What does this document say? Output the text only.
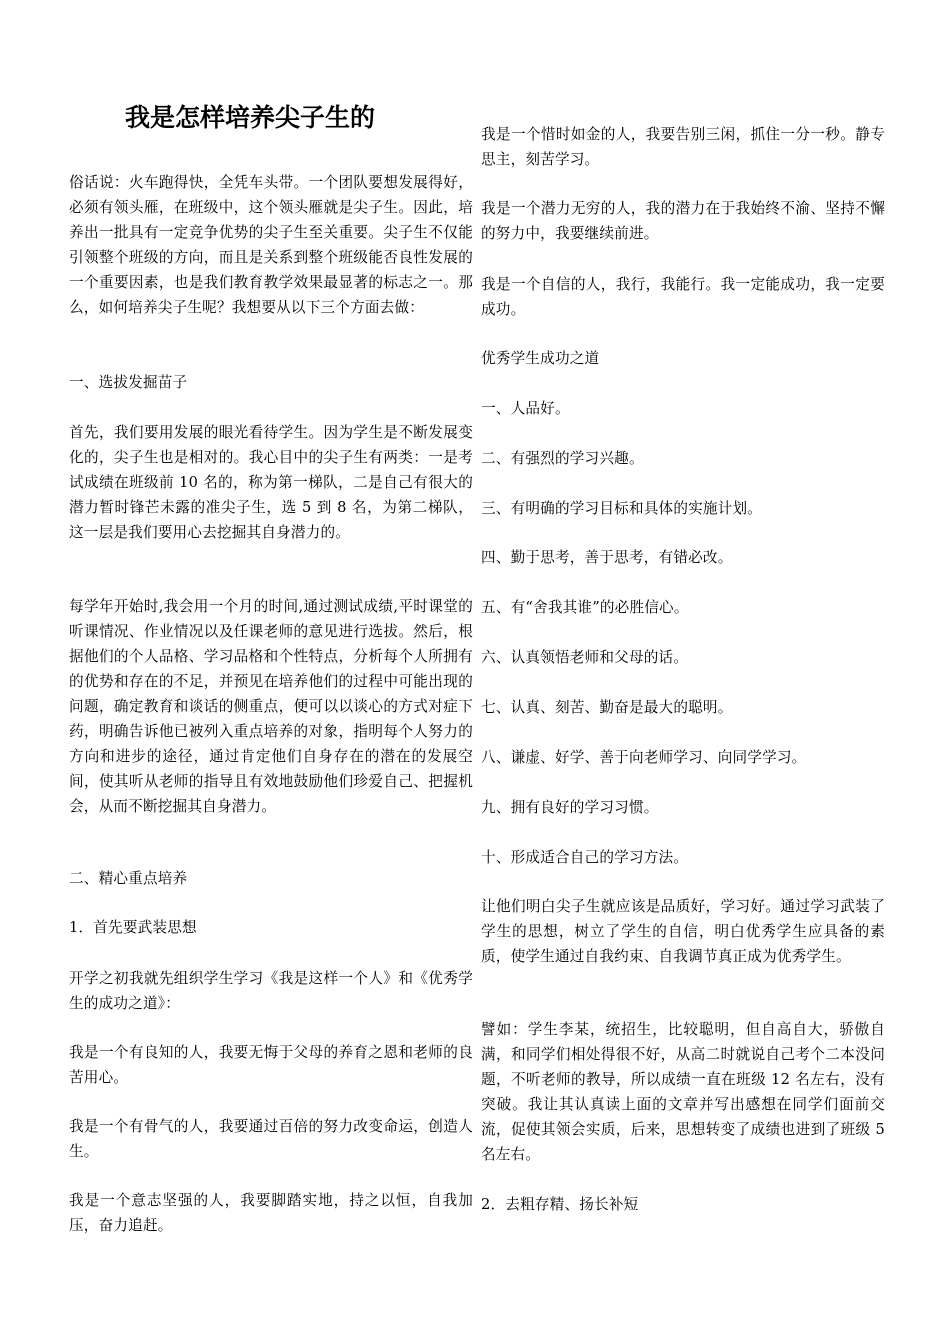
我是怎样培养尖子生的

俗话说：火车跑得快，全凭车头带。一个团队要想发展得好，必须有领头雁，在班级中，这个领头雁就是尖子生。因此，培养出一批具有一定竞争优势的尖子生至关重要。尖子生不仅能引领整个班级的方向，而且是关系到整个班级能否良性发展的一个重要因素，也是我们教育教学效果最显著的标志之一。那么，如何培养尖子生呢？我想要从以下三个方面去做：

一、选拔发掘苗子

首先，我们要用发展的眼光看待学生。因为学生是不断发展变化的，尖子生也是相对的。我心目中的尖子生有两类：一是考试成绩在班级前 10 名的，称为第一梯队，二是自己有很大的潜力暂时锋芒未露的准尖子生，选 5 到 8 名，为第二梯队，这一层是我们要用心去挖掘其自身潜力的。

每学年开始时,我会用一个月的时间,通过测试成绩,平时课堂的听课情况、作业情况以及任课老师的意见进行选拔。然后，根据他们的个人品格、学习品格和个性特点，分析每个人所拥有的优势和存在的不足，并预见在培养他们的过程中可能出现的问题，确定教育和谈话的侧重点，便可以以谈心的方式对症下药，明确告诉他已被列入重点培养的对象，指明每个人努力的方向和进步的途径，通过肯定他们自身存在的潜在的发展空间，使其听从老师的指导且有效地鼓励他们珍爱自己、把握机会，从而不断挖掘其自身潜力。

二、精心重点培养

1．首先要武装思想

开学之初我就先组织学生学习《我是这样一个人》和《优秀学生的成功之道》：

我是一个有良知的人，我要无悔于父母的养育之恩和老师的良苦用心。

我是一个有骨气的人，我要通过百倍的努力改变命运，创造人生。

我是一个意志坚强的人，我要脚踏实地，持之以恒，自我加压，奋力追赶。

我是一个惜时如金的人，我要告别三闲，抓住一分一秒。静专思主，刻苦学习。

我是一个潜力无穷的人，我的潜力在于我始终不渝、坚持不懈的努力中，我要继续前进。

我是一个自信的人，我行，我能行。我一定能成功，我一定要成功。

优秀学生成功之道

一、人品好。

二、有强烈的学习兴趣。

三、有明确的学习目标和具体的实施计划。

四、勤于思考，善于思考，有错必改。

五、有“舍我其谁”的必胜信心。

六、认真领悟老师和父母的话。

七、认真、刻苦、勤奋是最大的聪明。

八、谦虚、好学、善于向老师学习、向同学学习。

九、拥有良好的学习习惯。

十、形成适合自己的学习方法。

让他们明白尖子生就应该是品质好，学习好。通过学习武装了学生的思想，树立了学生的自信，明白优秀学生应具备的素质，使学生通过自我约束、自我调节真正成为优秀学生。

譬如：学生李某，统招生，比较聪明，但自高自大，骄傲自满，和同学们相处得很不好，从高二时就说自己考个二本没问题，不听老师的教导，所以成绩一直在班级 12 名左右，没有突破。我让其认真读上面的文章并写出感想在同学们面前交流，促使其领会实质，后来，思想转变了成绩也进到了班级 5 名左右。

2．去粗存精、扬长补短
